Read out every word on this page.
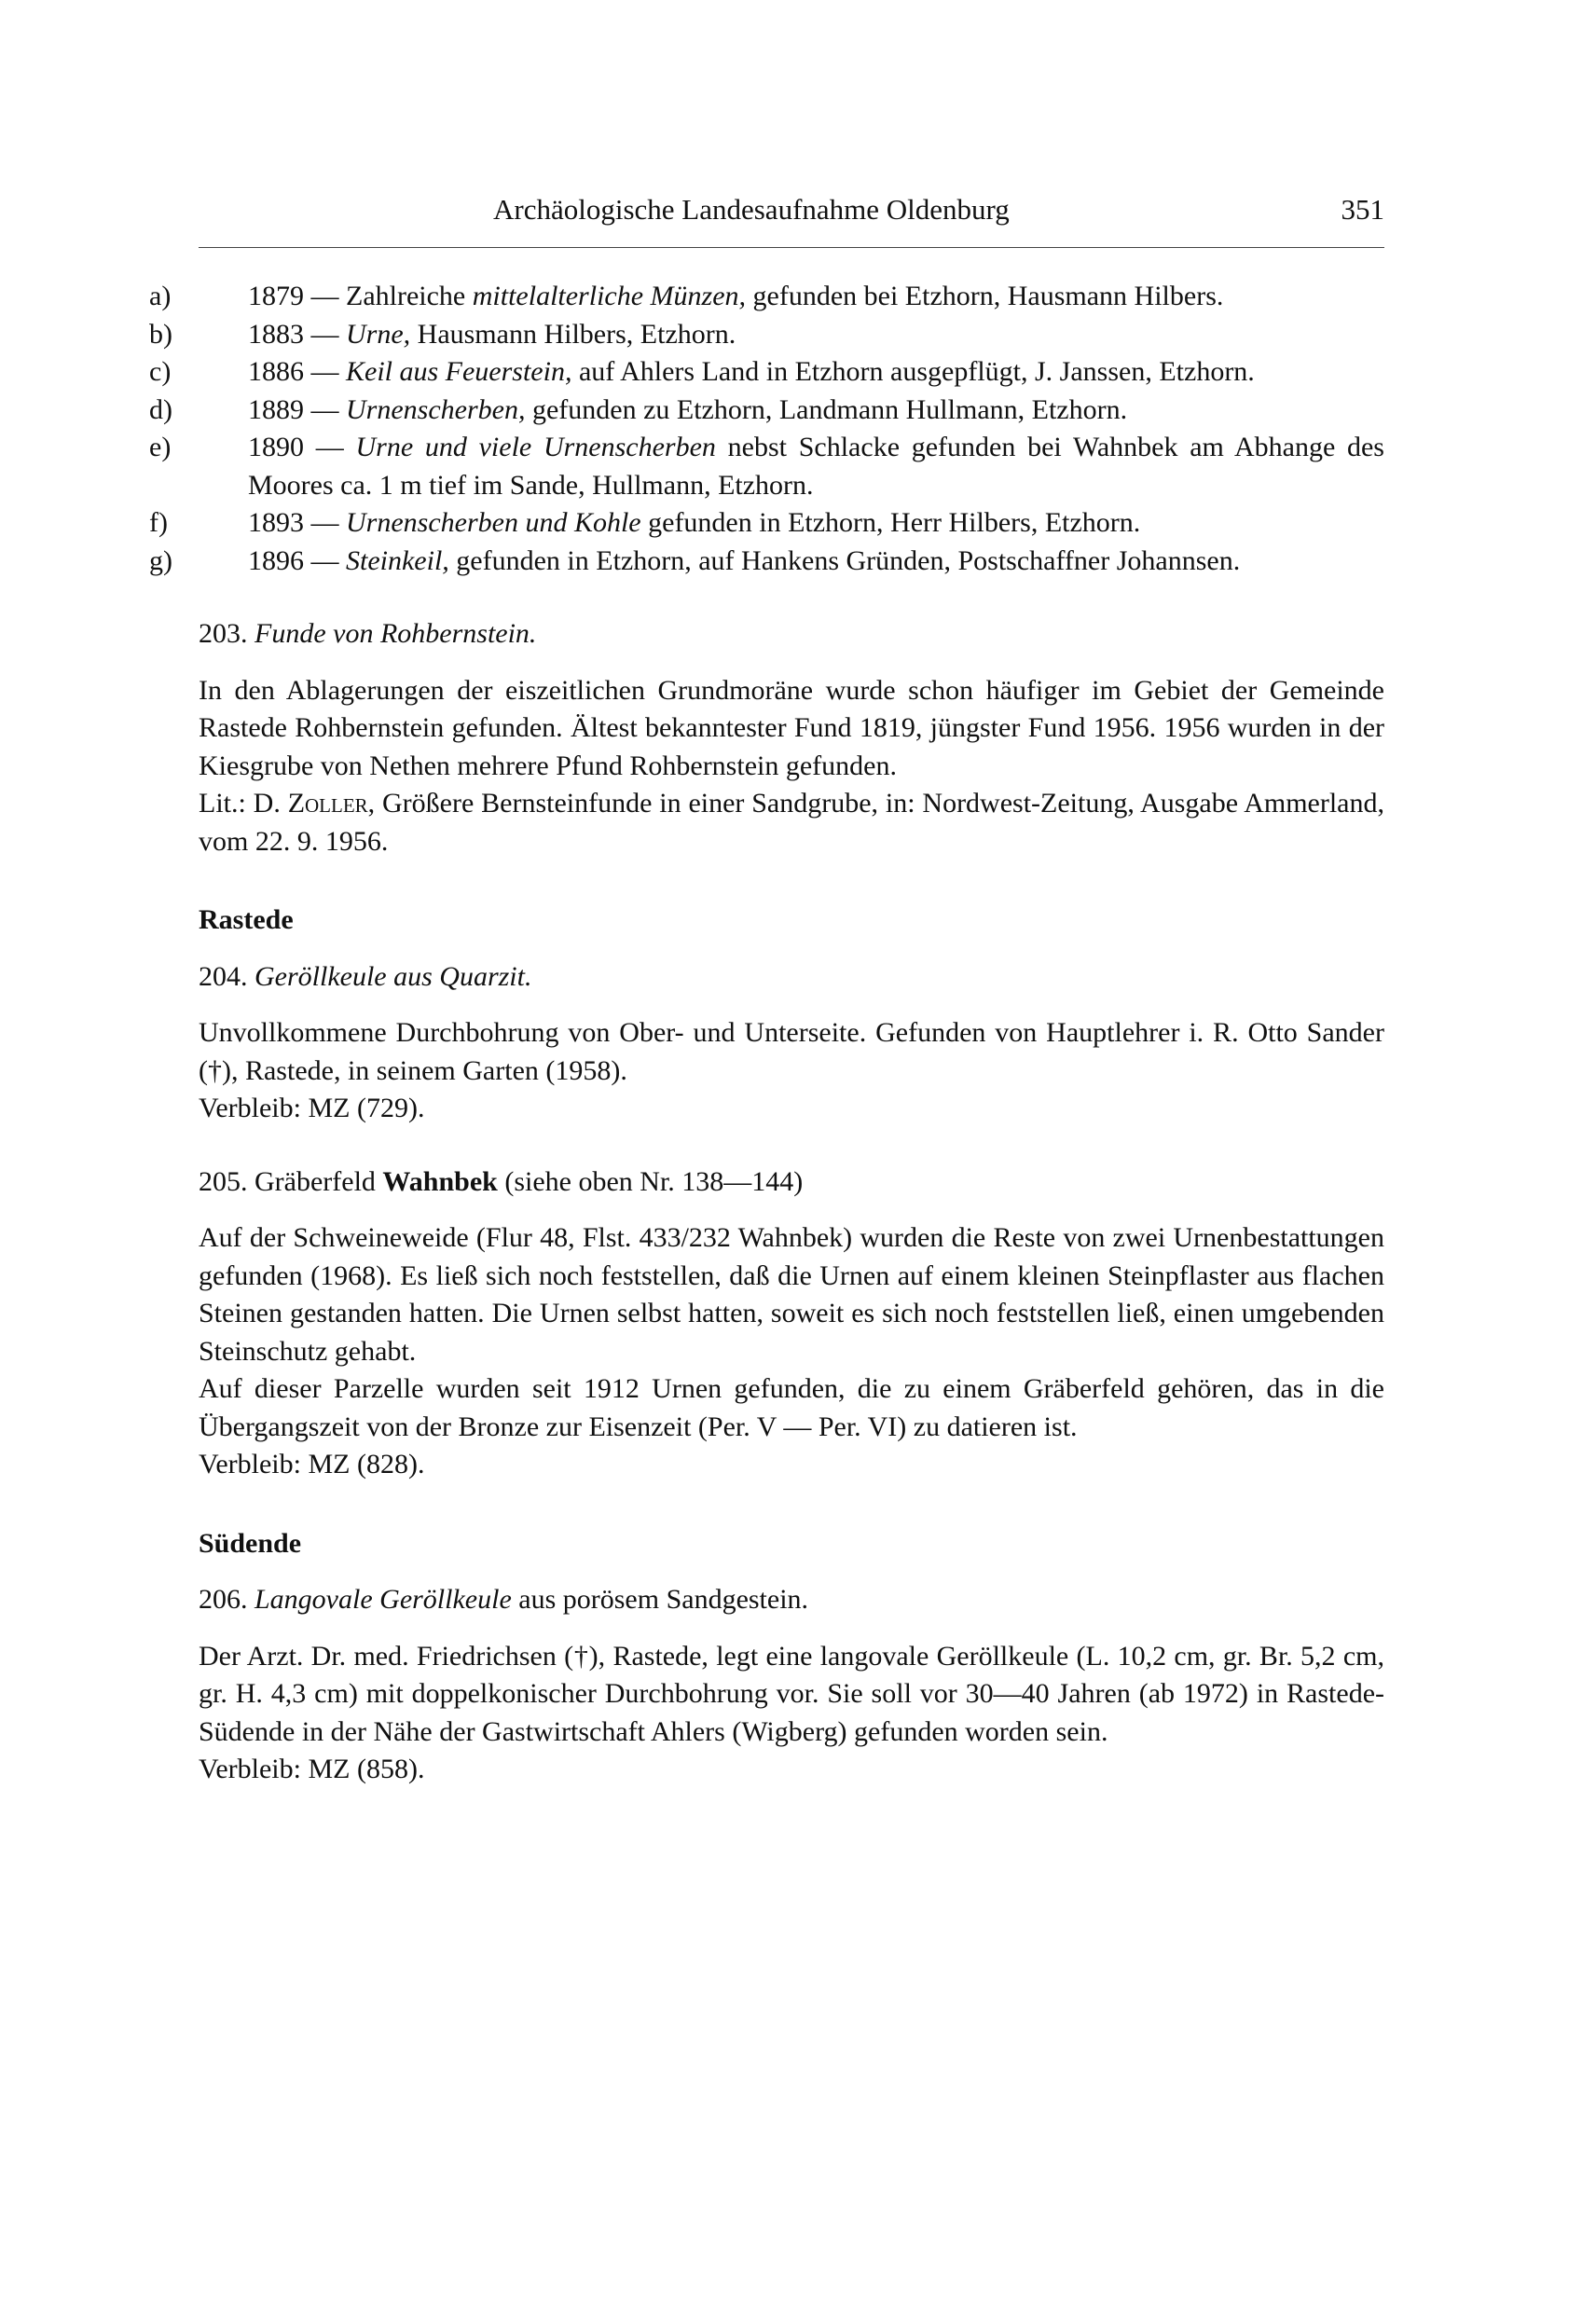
Archäologische Landesaufnahme Oldenburg	351

a)	1879 — Zahlreiche mittelalterliche Münzen, gefunden bei Etzhorn, Hausmann Hilbers.

b)	1883 — Urne, Hausmann Hilbers, Etzhorn.

c)	1886 — Keil aus Feuerstein, auf Ahlers Land in Etzhorn ausgepflügt, J. Janssen, Etzhorn.

d)	1889 — Urnenscherben, gefunden zu Etzhorn, Landmann Hullmann, Etzhorn.

e)	1890 — Urne und viele Urnenscherben nebst Schlacke gefunden bei Wahnbek am Abhange des Moores ca. 1 m tief im Sande, Hullmann, Etzhorn.

f)	1893 — Urnenscherben und Kohle gefunden in Etzhorn, Herr Hilbers, Etzhorn.

g)	1896 — Steinkeil, gefunden in Etzhorn, auf Hankens Gründen, Postschaffner Johannsen.

203. Funde von Rohbernstein.

In den Ablagerungen der eiszeitlichen Grundmoräne wurde schon häufiger im Gebiet der Gemeinde Rastede Rohbernstein gefunden. Ältest bekanntester Fund 1819, jüngster Fund 1956. 1956 wurden in der Kiesgrube von Nethen mehrere Pfund Rohbernstein gefunden.

Lit.: D. Zoller, Größere Bernsteinfunde in einer Sandgrube, in: Nordwest-Zeitung, Ausgabe Ammerland, vom 22. 9. 1956.

Rastede

204. Geröllkeule aus Quarzit.

Unvollkommene Durchbohrung von Ober- und Unterseite. Gefunden von Hauptlehrer i. R. Otto Sander (†), Rastede, in seinem Garten (1958).

Verbleib: MZ (729).

205. Gräberfeld Wahnbek (siehe oben Nr. 138—144)

Auf der Schweineweide (Flur 48, Flst. 433/232 Wahnbek) wurden die Reste von zwei Urnenbestattungen gefunden (1968). Es ließ sich noch feststellen, daß die Urnen auf einem kleinen Steinpflaster aus flachen Steinen gestanden hatten. Die Urnen selbst hatten, soweit es sich noch feststellen ließ, einen umgebenden Steinschutz gehabt.

Auf dieser Parzelle wurden seit 1912 Urnen gefunden, die zu einem Gräberfeld gehören, das in die Übergangszeit von der Bronze zur Eisenzeit (Per. V — Per. VI) zu datieren ist.

Verbleib: MZ (828).

Südende

206. Langovale Geröllkeule aus porösem Sandgestein.

Der Arzt. Dr. med. Friedrichsen (†), Rastede, legt eine langovale Geröllkeule (L. 10,2 cm, gr. Br. 5,2 cm, gr. H. 4,3 cm) mit doppelkonischer Durchbohrung vor. Sie soll vor 30—40 Jahren (ab 1972) in Rastede-Südende in der Nähe der Gastwirtschaft Ahlers (Wigberg) gefunden worden sein.

Verbleib: MZ (858).
